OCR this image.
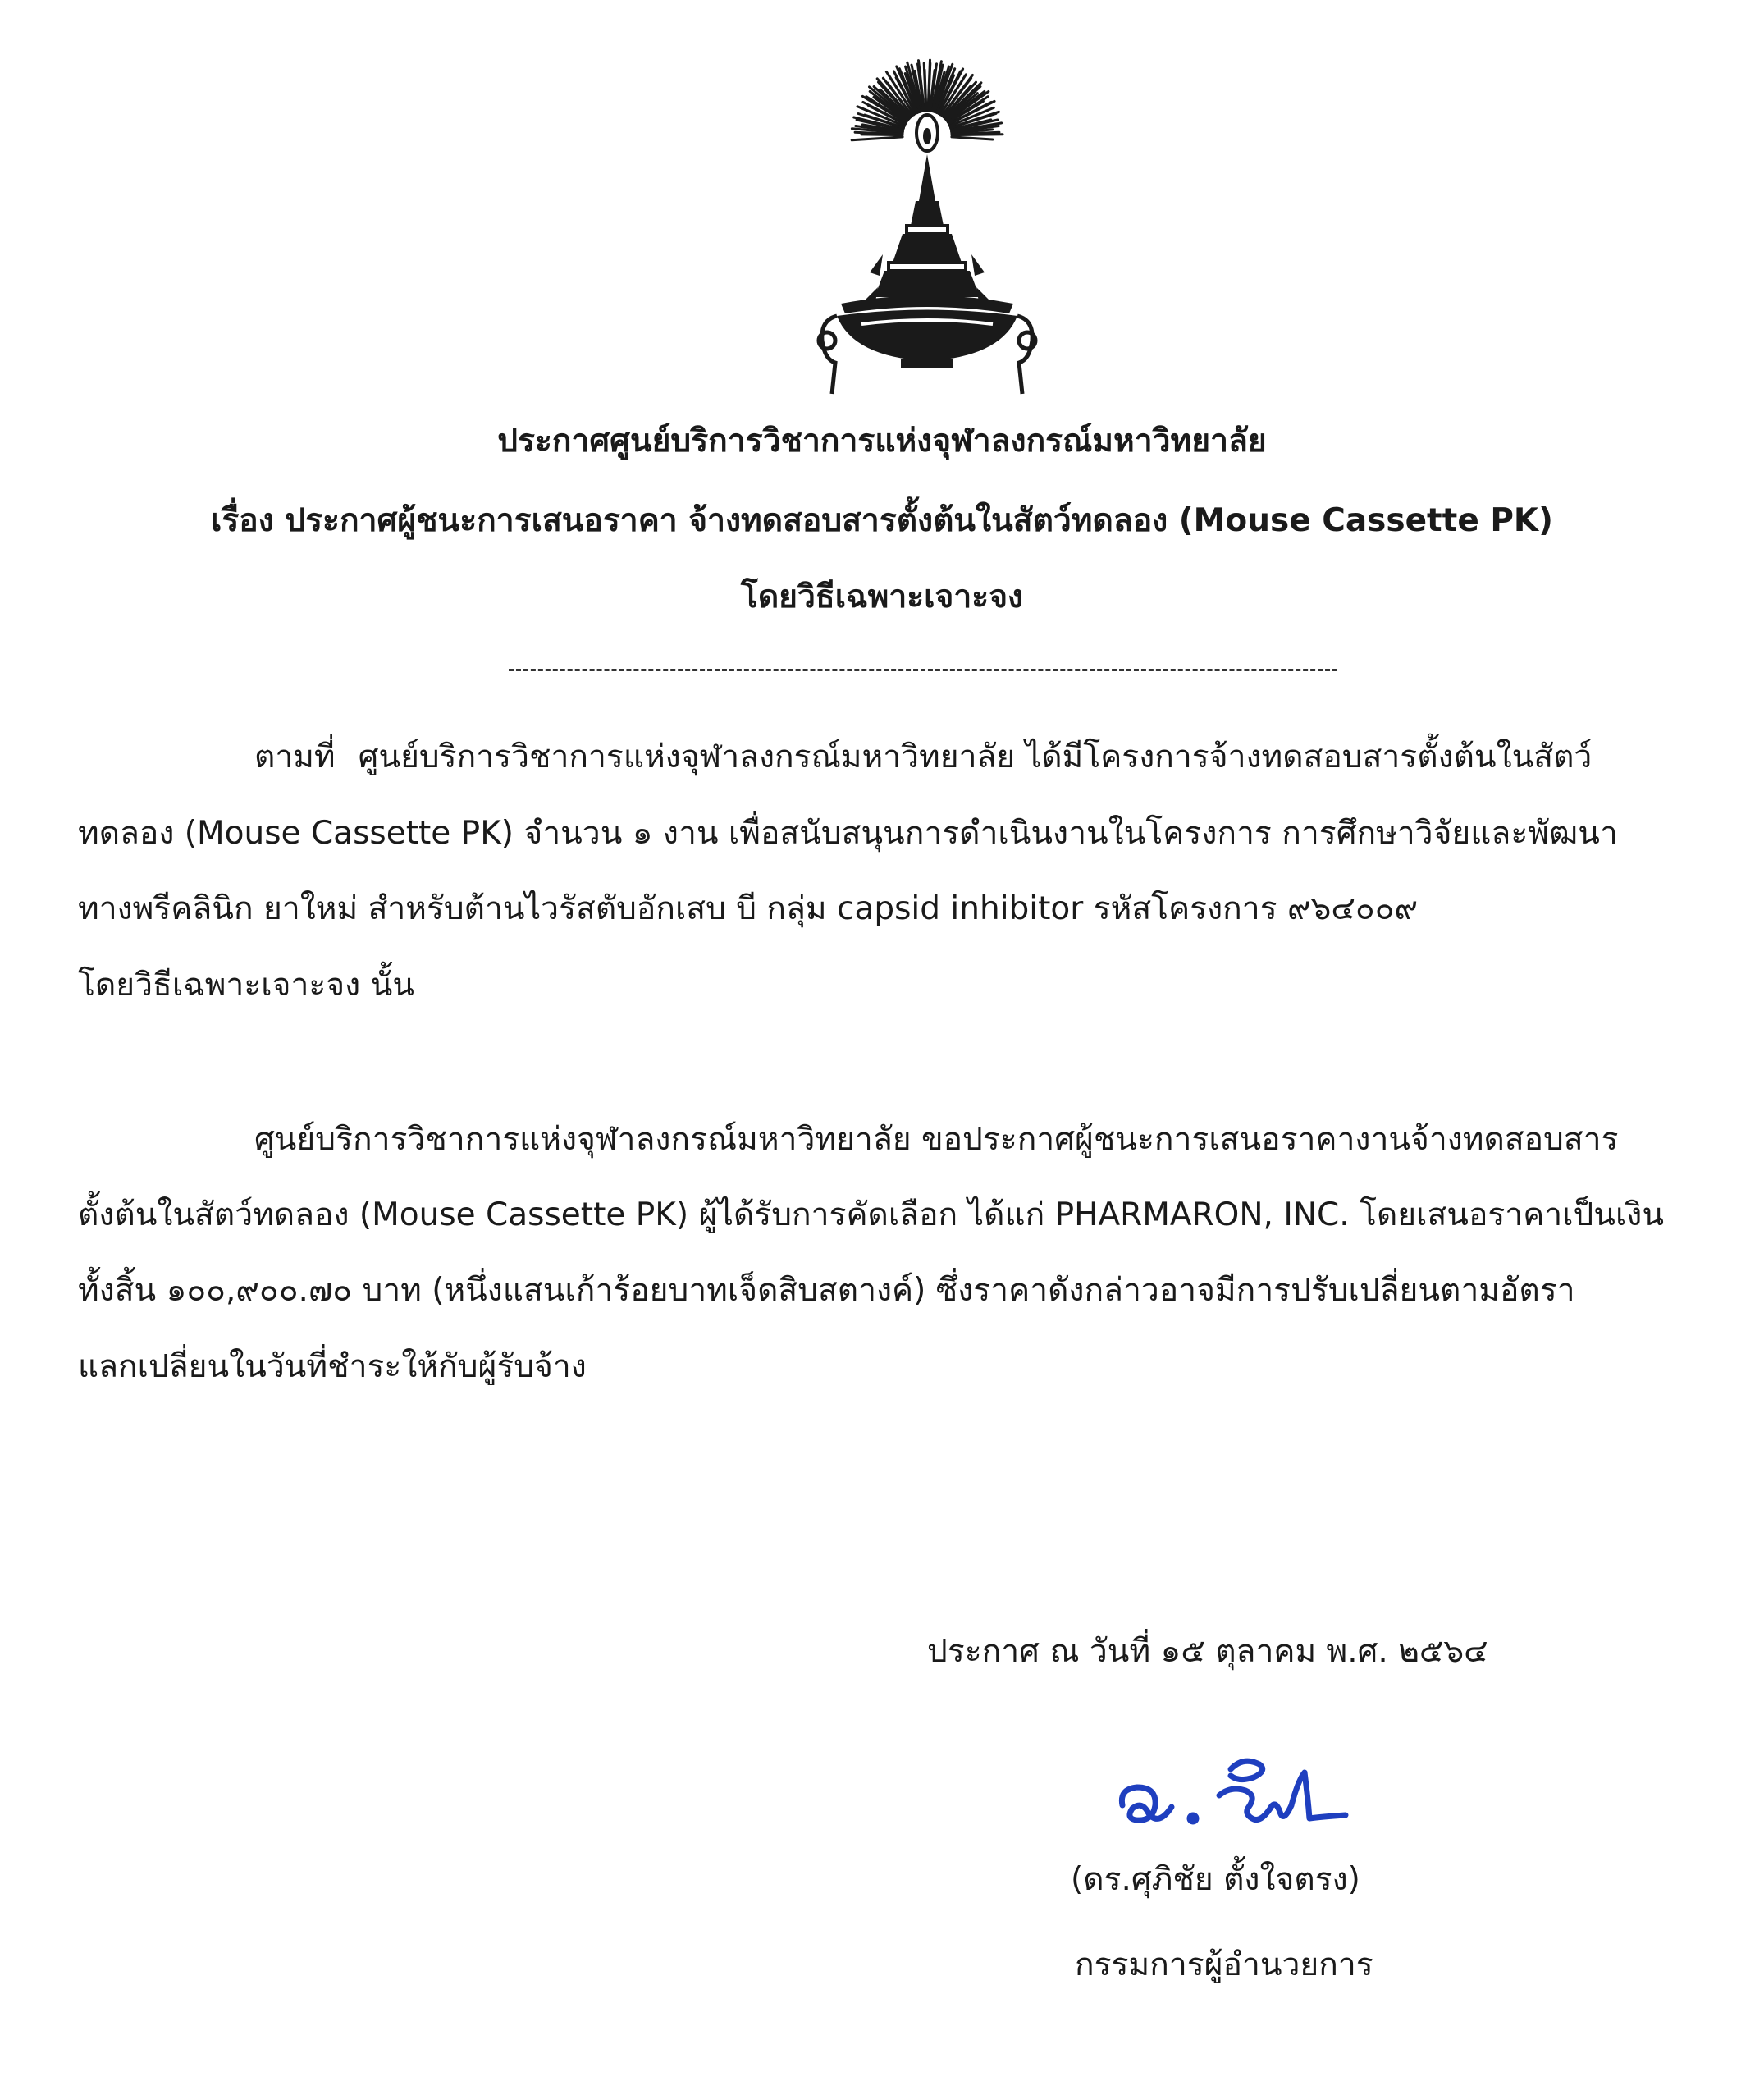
ประกาศศูนย์บริการวิชาการแห่งจุฬาลงกรณ์มหาวิทยาลัย
เรื่อง ประกาศผู้ชนะการเสนอราคา จ้างทดสอบสารตั้งต้นในสัตว์ทดลอง (Mouse Cassette PK)
โดยวิธีเฉพาะเจาะจง
ตามที่ ศูนย์บริการวิชาการแห่งจุฬาลงกรณ์มหาวิทยาลัย ได้มีโครงการจ้างทดสอบสารตั้งต้นในสัตว์
ทดลอง (Mouse Cassette PK) จำนวน ๑ งาน เพื่อสนับสนุนการดำเนินงานในโครงการ การศึกษาวิจัยและพัฒนา
ทางพรีคลินิก ยาใหม่ สำหรับต้านไวรัสตับอักเสบ บี กลุ่ม capsid inhibitor รหัสโครงการ ๙๖๔๐๐๙
โดยวิธีเฉพาะเจาะจง นั้น
ศูนย์บริการวิชาการแห่งจุฬาลงกรณ์มหาวิทยาลัย ขอประกาศผู้ชนะการเสนอราคางานจ้างทดสอบสาร
ตั้งต้นในสัตว์ทดลอง (Mouse Cassette PK) ผู้ได้รับการคัดเลือก ได้แก่ PHARMARON, INC. โดยเสนอราคาเป็นเงิน
ทั้งสิ้น ๑๐๐,๙๐๐.๗๐ บาท (หนึ่งแสนเก้าร้อยบาทเจ็ดสิบสตางค์) ซึ่งราคาดังกล่าวอาจมีการปรับเปลี่ยนตามอัตรา
แลกเปลี่ยนในวันที่ชำระให้กับผู้รับจ้าง
ประกาศ ณ วันที่ ๑๕ ตุลาคม พ.ศ. ๒๕๖๔
(ดร.ศุภิชัย ตั้งใจตรง)
กรรมการผู้อำนวยการ
